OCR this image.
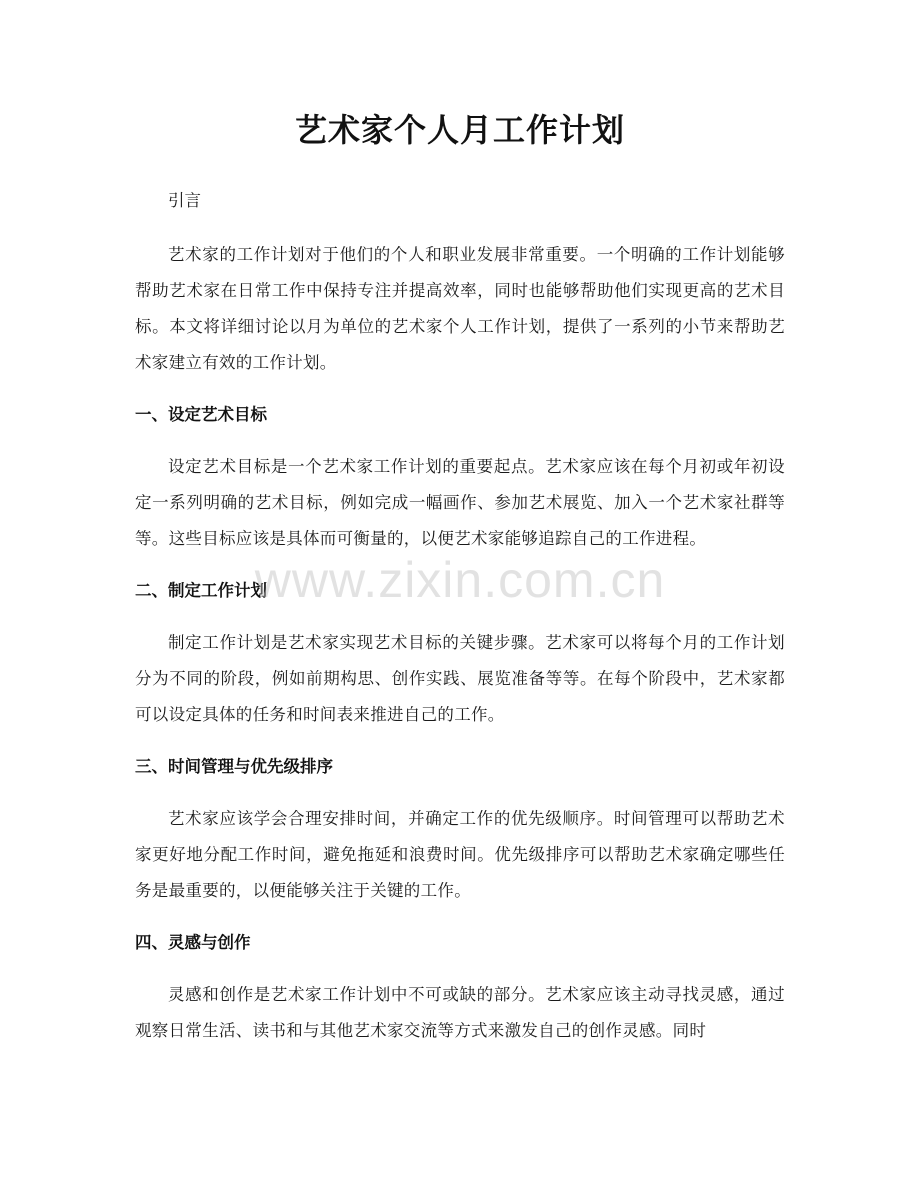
艺术家个人月工作计划

引言

艺术家的工作计划对于他们的个人和职业发展非常重要。一个明确的工作计划能够帮助艺术家在日常工作中保持专注并提高效率，同时也能够帮助他们实现更高的艺术目标。本文将详细讨论以月为单位的艺术家个人工作计划，提供了一系列的小节来帮助艺术家建立有效的工作计划。

一、设定艺术目标

设定艺术目标是一个艺术家工作计划的重要起点。艺术家应该在每个月初或年初设定一系列明确的艺术目标，例如完成一幅画作、参加艺术展览、加入一个艺术家社群等等。这些目标应该是具体而可衡量的，以便艺术家能够追踪自己的工作进程。

二、制定工作计划

制定工作计划是艺术家实现艺术目标的关键步骤。艺术家可以将每个月的工作计划分为不同的阶段，例如前期构思、创作实践、展览准备等等。在每个阶段中，艺术家都可以设定具体的任务和时间表来推进自己的工作。

三、时间管理与优先级排序

艺术家应该学会合理安排时间，并确定工作的优先级顺序。时间管理可以帮助艺术家更好地分配工作时间，避免拖延和浪费时间。优先级排序可以帮助艺术家确定哪些任务是最重要的，以便能够关注于关键的工作。

四、灵感与创作

灵感和创作是艺术家工作计划中不可或缺的部分。艺术家应该主动寻找灵感，通过观察日常生活、读书和与其他艺术家交流等方式来激发自己的创作灵感。同时

www.zixin.com.cn
